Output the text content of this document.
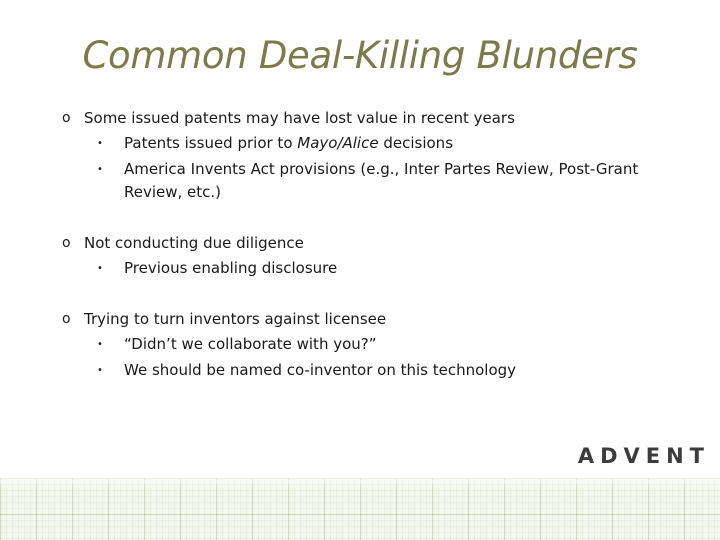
Common Deal-Killing Blunders
o Some issued patents may have lost value in recent years
• Patents issued prior to Mayo/Alice decisions
• America Invents Act provisions (e.g., Inter Partes Review, Post-Grant Review, etc.)
o Not conducting due diligence
• Previous enabling disclosure
o Trying to turn inventors against licensee
• “Didn’t we collaborate with you?”
• We should be named co-inventor on this technology
ADVENT
